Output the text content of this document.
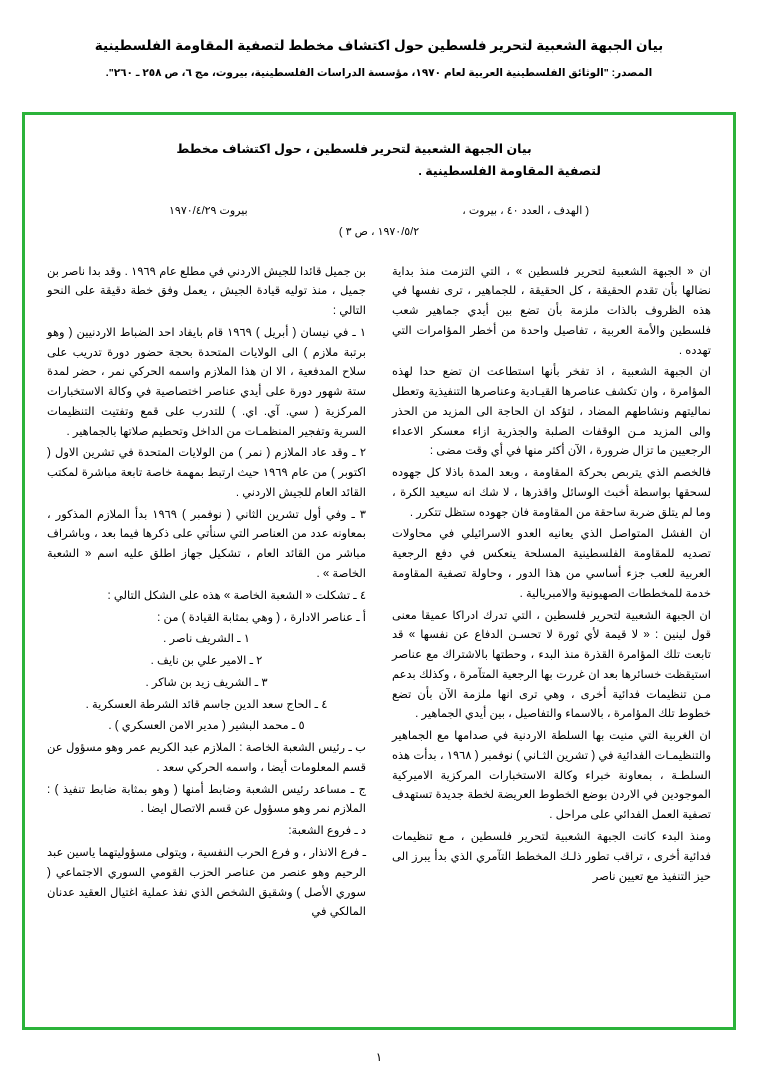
بيان الجبهة الشعبية لتحرير فلسطين حول اكتشاف مخطط لتصفية المقاومة الفلسطينية
المصدر: "الوثائق الفلسطينية العربية لعام ١٩٧٠، مؤسسة الدراسات الفلسطينية، بيروت، مج ٦، ص ٢٥٨ ـ ٢٦٠".
بيان الجبهة الشعبية لتحرير فلسطين ، حول اكتشاف مخطط
لتصفية المقاومة الفلسطينية .
( الهدف ، العدد ٤٠ ، بيروت ،
بيروت ١٩٧٠/٤/٢٩
١٩٧٠/٥/٢ ، ص ٣ )

ان « الجبهة الشعبية لتحرير فلسطين » ، التي التزمت منذ بداية نضالها بأن تقدم الحقيقة ، كل الحقيقة ، للجماهير ، ترى نفسها في هذه الظروف بالذات ملزمة بأن تضع بين أيدي جماهير شعب فلسطين والأمة العربية ، تفاصيل واحدة من أخطر المؤامرات التي تهدده .

ان الجبهة الشعبية ، اذ تفخر بأنها استطاعت ان تضع حدا لهذه المؤامرة ، وان تكشف عناصرها القيـادية وعناصرها التنفيذية وتعطل نماليتهم ونشاطهم المضاد ، لتؤكد ان الحاجة الى المزيد من الحذر والى المزيد مـن الوقفات الصلبة والجذرية ازاء معسكر الاعداء الرجعيين ما تزال ضرورة ، الآن أكثر منها في أي وقت مضى :

فالخصم الذي يتربص بحركة المقاومة ، وبعد المدة باذلا كل جهوده لسحقها بواسطة أخبث الوسائل واقذرها ، لا شك انه سيعيد الكرة ، وما لم يتلق ضربة ساحقة من المقاومة فان جهوده ستظل تتكرر .

ان الفشل المتواصل الذي يعانيه العدو الاسرائيلي في محاولات تصديه للمقاومة الفلسطينية المسلحة ينعكس في دفع الرجعية العربية للعب جزء أساسي من هذا الدور ، وحاولة تصفية المقاومة خدمة للمخططات الصهيونية والامبريالية .

ان الجبهة الشعبية لتحرير فلسطين ، التي تدرك ادراكا عميقا معنى قول لينين : « لا قيمة لأي ثورة لا تحسـن الدفاع عن نفسها » قد تابعت تلك المؤامرة القذرة منذ البدء ، وحطتها بالاشتراك مع عناصر استيقظت خسائرها بعد ان غررت بها الرجعية المتآمرة ، وكذلك بدعم مـن تنظيمات فدائية أخرى ، وهي ترى انها ملزمة الآن بأن تضع خطوط تلك المؤامرة ، بالاسماء والتفاصيل ، بين أيدي الجماهير .

ان الغربية التي منيت بها السلطة الاردنية في صدامها مع الجماهير والتنظيمـات الفدائية في ( تشرين الثـاني ) نوفمبر ( ١٩٦٨ ، بدأت هذه السلطـة ، بمعاونة خبراء وكالة الاستخبارات المركزية الاميركية الموجودين في الاردن بوضع الخطوط العريضة لخطة جديدة تستهدف تصفية العمل الفدائي على مراحل .

ومنذ البدء كانت الجبهة الشعبية لتحرير فلسطين ، مـع تنظيمات فدائية أخرى ، تراقب تطور ذلـك المخطط التآمري الذي بدأ يبرز الى حيز التنفيذ مع تعيين ناصر

بن جميل قائدا للجيش الاردني في مطلع عام ١٩٦٩ . وقد بدا ناصر بن جميل ، منذ توليه قيادة الجيش ، يعمل وفق خطة دقيقة على النحو التالي :

١ ـ في نيسان ( أبريل ) ١٩٦٩ قام بايفاد احد الضباط الاردنيين ( وهو برتبة ملازم ) الى الولايات المتحدة بحجة حضور دورة تدريب على سلاح المدفعية ، الا ان هذا الملازم واسمه الحركي نمر ، حضر لمدة ستة شهور دورة على أيدي عناصر اختصاصية في وكالة الاستخبارات المركزية ( سي. آي. اي. ) للتدرب على قمع وتفتيت التنظيمات السرية وتفجير المنظمـات من الداخل وتحطيم صلاتها بالجماهير .

٢ ـ وقد عاد الملازم ( نمر ) من الولايات المتحدة في تشرين الاول ( اكتوبر ) من عام ١٩٦٩ حيث ارتبط بمهمة خاصة تابعة مباشرة لمكتب القائد العام للجيش الاردني .

٣ ـ وفي أول تشرين الثاني ( نوفمبر ) ١٩٦٩ بدأ الملازم المذكور ، بمعاونه عدد من العناصر التي سنأتي على ذكرها فيما بعد ، وباشراف مباشر من القائد العام ، تشكيل جهاز اطلق عليه اسم « الشعبة الخاصة » .

٤ ـ تشكلت « الشعبة الخاصة » هذه على الشكل التالي :

أ ـ عناصر الادارة ، ( وهي بمثابة القيادة ) من :

١ ـ الشريف ناصر .

٢ ـ الامير علي بن نايف .

٣ ـ الشريف زيد بن شاكر .

٤ ـ الحاج سعد الدين جاسم قائد الشرطة العسكرية .

٥ ـ محمد البشير ( مدير الامن العسكري ) .

ب ـ رئيس الشعبة الخاصة : الملازم عبد الكريم عمر وهو مسؤول عن قسم المعلومات أيضا ، واسمه الحركي سعد .

ج ـ مساعد رئيس الشعبة وضابط أمنها ( وهو بمثابة ضابط تنفيذ ) : الملازم نمر وهو مسؤول عن قسم الاتصال ايضا .

د ـ فروع الشعبة:

ـ فرع الانذار ، و فرع الحرب النفسية ، ويتولى مسؤوليتهما ياسين عبد الرحيم وهو عنصر من عناصر الحزب القومي السوري الاجتماعي ( سوري الأصل ) وشقيق الشخص الذي نفذ عملية اغتيال العقيد عدنان المالكي في

١
